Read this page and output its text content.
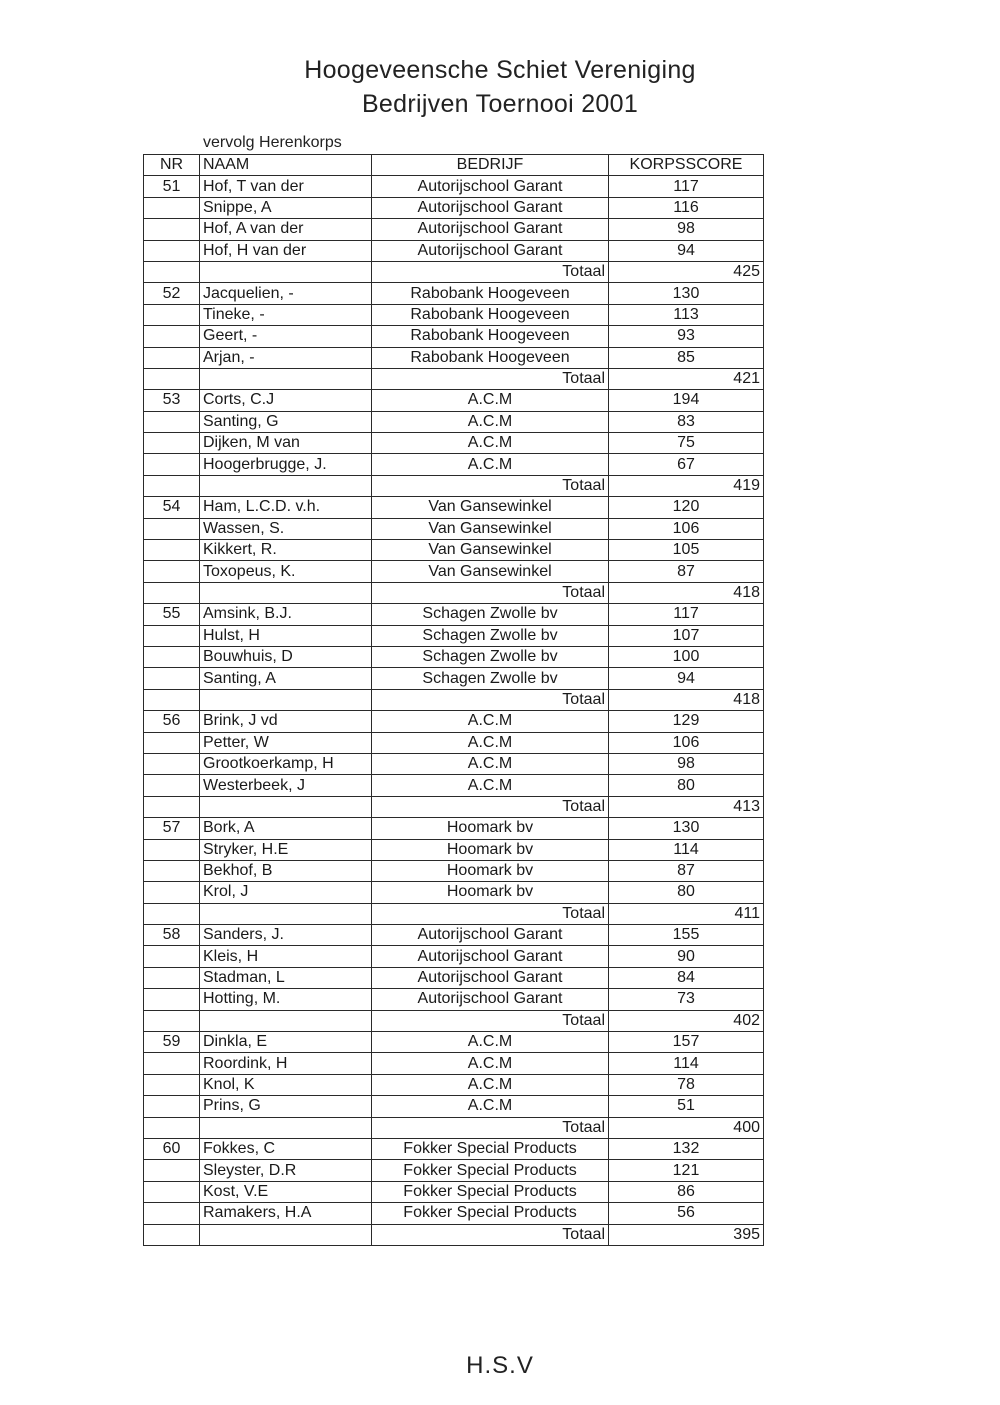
Hoogeveensche Schiet Vereniging
Bedrijven Toernooi 2001
vervolg Herenkorps
NR	NAAM	BEDRIJF	KORPSSCORE
51	Hof, T van der	Autorijschool Garant	117
	Snippe, A	Autorijschool Garant	116
	Hof, A van der	Autorijschool Garant	98
	Hof, H van der	Autorijschool Garant	94
		Totaal	425
52	Jacquelien, -	Rabobank Hoogeveen	130
	Tineke, -	Rabobank Hoogeveen	113
	Geert, -	Rabobank Hoogeveen	93
	Arjan, -	Rabobank Hoogeveen	85
		Totaal	421
53	Corts, C.J	A.C.M	194
	Santing, G	A.C.M	83
	Dijken, M van	A.C.M	75
	Hoogerbrugge, J.	A.C.M	67
		Totaal	419
54	Ham, L.C.D. v.h.	Van Gansewinkel	120
	Wassen, S.	Van Gansewinkel	106
	Kikkert, R.	Van Gansewinkel	105
	Toxopeus, K.	Van Gansewinkel	87
		Totaal	418
55	Amsink, B.J.	Schagen Zwolle bv	117
	Hulst, H	Schagen Zwolle bv	107
	Bouwhuis, D	Schagen Zwolle bv	100
	Santing, A	Schagen Zwolle bv	94
		Totaal	418
56	Brink, J vd	A.C.M	129
	Petter, W	A.C.M	106
	Grootkoerkamp, H	A.C.M	98
	Westerbeek, J	A.C.M	80
		Totaal	413
57	Bork, A	Hoomark bv	130
	Stryker, H.E	Hoomark bv	114
	Bekhof, B	Hoomark bv	87
	Krol, J	Hoomark bv	80
		Totaal	411
58	Sanders, J.	Autorijschool Garant	155
	Kleis, H	Autorijschool Garant	90
	Stadman, L	Autorijschool Garant	84
	Hotting, M.	Autorijschool Garant	73
		Totaal	402
59	Dinkla, E	A.C.M	157
	Roordink, H	A.C.M	114
	Knol, K	A.C.M	78
	Prins, G	A.C.M	51
		Totaal	400
60	Fokkes, C	Fokker Special Products	132
	Sleyster, D.R	Fokker Special Products	121
	Kost, V.E	Fokker Special Products	86
	Ramakers, H.A	Fokker Special Products	56
		Totaal	395
H.S.V
